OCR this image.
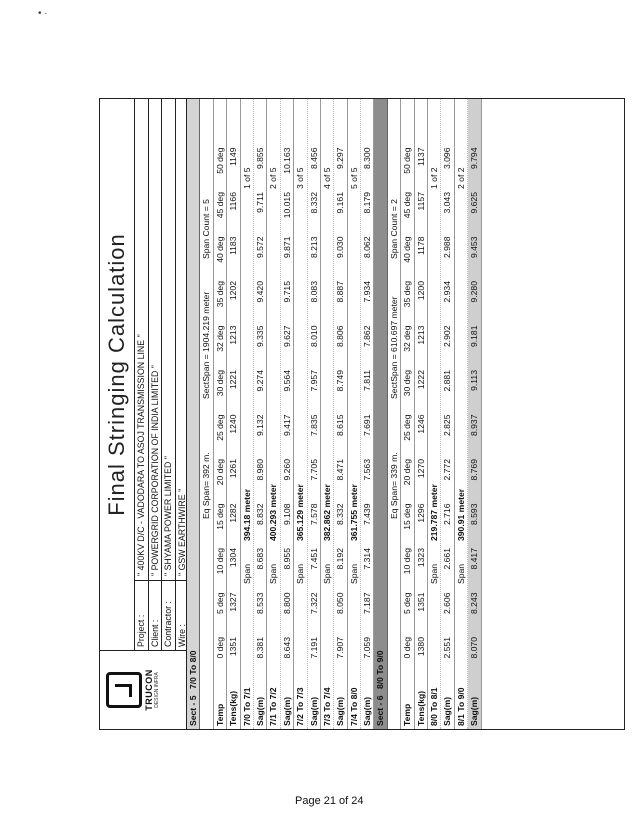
• ·
TRUCON DESIGN INFRA
Final Stringing Calculation
Project :
" 400KV D/C - VADODARA TO ASOJ TRANSMISSION LINE "
Client :
" POWERGRID CORPORATION OF INDIA LIMITED "
Contractor :
" SHYAMA POWER LIMITED "
Wire :
" GSW EARTHWIRE "
Sect - 5
7/0 To 8/0
Eq Span= 392 m.
SectSpan = 1904.219 meter
Span Count = 5
Temp
0 deg
5 deg
10 deg
15 deg
20 deg
25 deg
30 deg
32 deg
35 deg
40 deg
45 deg
50 deg
Tens(kg)
1351
1327
1304
1282
1261
1240
1221
1213
1202
1183
1166
1149
7/0 To 7/1
Span
394.18 meter
1 of 5
Sag(m)
8.381
8.533
8.683
8.832
8.980
9.132
9.274
9.335
9.420
9.572
9.711
9.855
7/1 To 7/2
Span
400.293 meter
2 of 5
Sag(m)
8.643
8.800
8.955
9.108
9.260
9.417
9.564
9.627
9.715
9.871
10.015
10.163
7/2 To 7/3
Span
365.129 meter
3 of 5
Sag(m)
7.191
7.322
7.451
7.578
7.705
7.835
7.957
8.010
8.083
8.213
8.332
8.456
7/3 To 7/4
Span
382.862 meter
4 of 5
Sag(m)
7.907
8.050
8.192
8.332
8.471
8.615
8.749
8.806
8.887
9.030
9.161
9.297
7/4 To 8/0
Span
361.755 meter
5 of 5
Sag(m)
7.059
7.187
7.314
7.439
7.563
7.691
7.811
7.862
7.934
8.062
8.179
8.300
Sect - 6
8/0 To 9/0
Eq Span= 339 m.
SectSpan = 610.697 meter
Span Count = 2
Temp
0 deg
5 deg
10 deg
15 deg
20 deg
25 deg
30 deg
32 deg
35 deg
40 deg
45 deg
50 deg
Tens(kg)
1380
1351
1323
1296
1270
1246
1222
1213
1200
1178
1157
1137
8/0 To 8/1
Span
219.787 meter
1 of 2
Sag(m)
2.551
2.606
2.661
2.716
2.772
2.825
2.881
2.902
2.934
2.988
3.043
3.096
8/1 To 9/0
Span
390.91 meter
2 of 2
Sag(m)
8.070
8.243
8.417
8.593
8.769
8.937
9.113
9.181
9.280
9.453
9.625
9.794
Page 21 of 24
